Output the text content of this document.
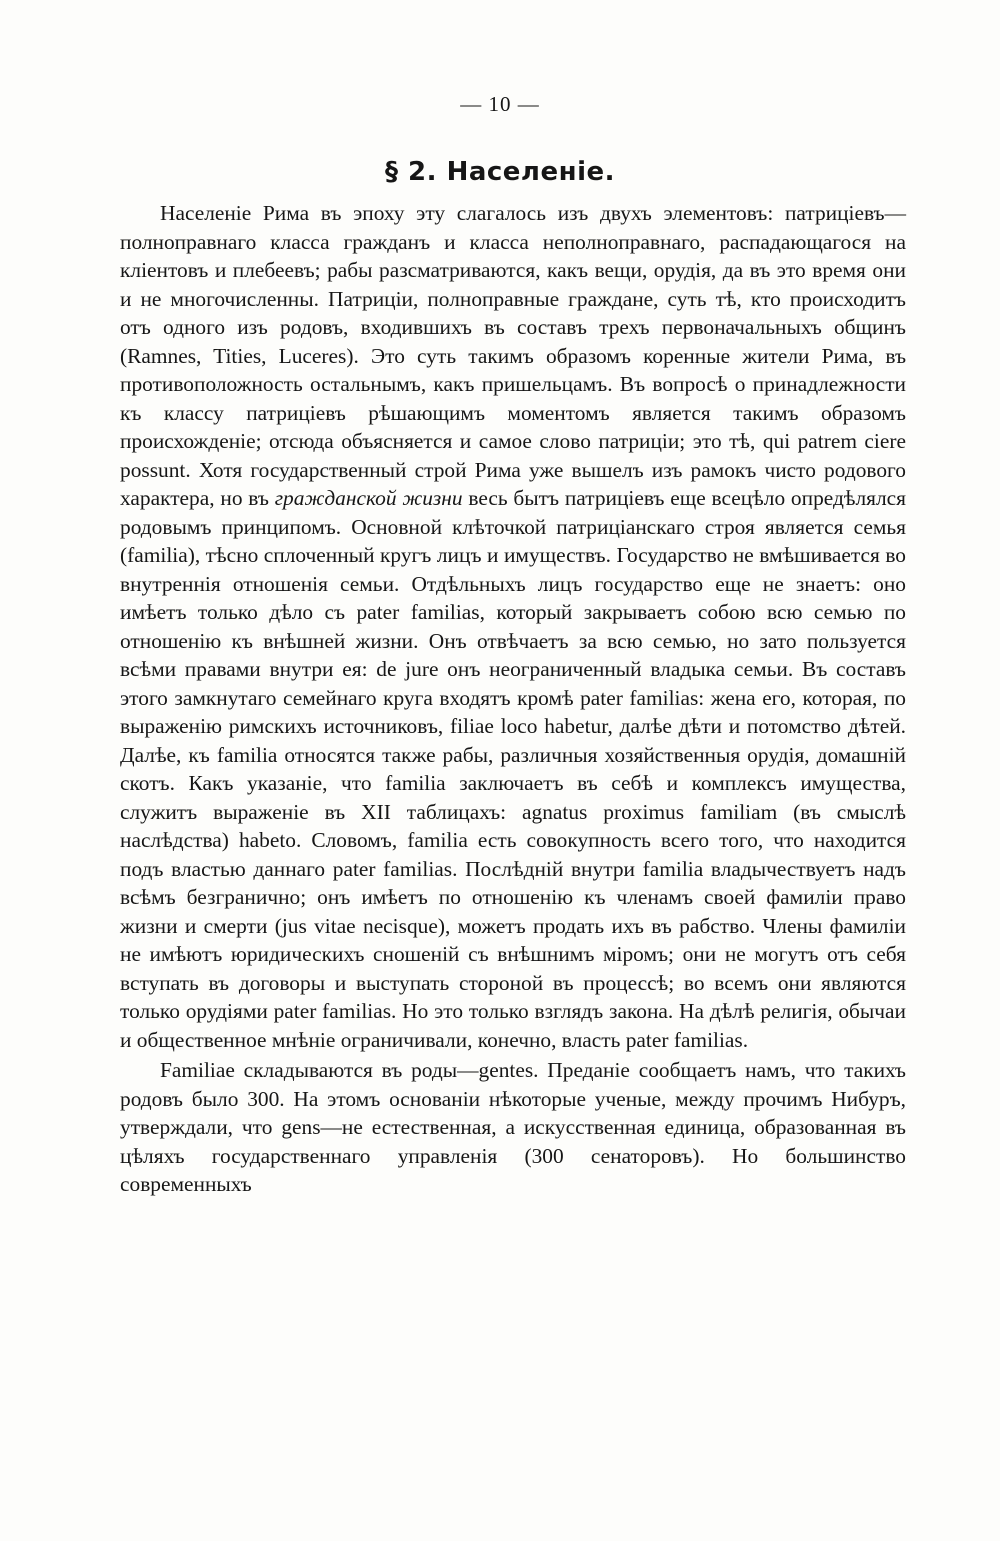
— 10 —
§ 2. Населеніе.

Населеніе Рима въ эпоху эту слагалось изъ двухъ элементовъ: патриціевъ—полноправнаго класса гражданъ и класса неполноправнаго, распадающагося на кліентовъ и плебеевъ; рабы разсматриваются, какъ вещи, орудія, да въ это время они и не многочисленны. Патриціи, полноправные граждане, суть тѣ, кто происходитъ отъ одного изъ родовъ, входившихъ въ составъ трехъ первоначальныхъ общинъ (Ramnes, Tities, Luceres). Это суть такимъ образомъ коренные жители Рима, въ противоположность остальнымъ, какъ пришельцамъ. Въ вопросѣ о принадлежности къ классу патриціевъ рѣшающимъ моментомъ является такимъ образомъ происхожденіе; отсюда объясняется и самое слово патриціи; это тѣ, qui patrem ciere possunt. Хотя государственный строй Рима уже вышелъ изъ рамокъ чисто родового характера, но въ гражданской жизни весь бытъ патриціевъ еще всецѣло опредѣлялся родовымъ принципомъ. Основной клѣточкой патриціанскаго строя является семья (familia), тѣсно сплоченный кругъ лицъ и имуществъ. Государство не вмѣшивается во внутреннія отношенія семьи. Отдѣльныхъ лицъ государство еще не знаетъ: оно имѣетъ только дѣло съ pater familias, который закрываетъ собою всю семью по отношенію къ внѣшней жизни. Онъ отвѣчаетъ за всю семью, но зато пользуется всѣми правами внутри ея: de jure онъ неограниченный владыка семьи. Въ составъ этого замкнутаго семейнаго круга входятъ кромѣ pater familias: жена его, которая, по выраженію римскихъ источниковъ, filiae loco habetur, далѣе дѣти и потомство дѣтей. Далѣе, къ familia относятся также рабы, различныя хозяйственныя орудія, домашній скотъ. Какъ указаніе, что familia заключаетъ въ себѣ и комплексъ имущества, служитъ выраженіе въ XII таблицахъ: agnatus proximus familiam (въ смыслѣ наслѣдства) habeto. Словомъ, familia есть совокупность всего того, что находится подъ властью даннаго pater familias. Послѣдній внутри familia владычествуетъ надъ всѣмъ безгранично; онъ имѣетъ по отношенію къ членамъ своей фамиліи право жизни и смерти (jus vitae necisque), можетъ продать ихъ въ рабство. Члены фамиліи не имѣютъ юридическихъ сношеній съ внѣшнимъ міромъ; они не могутъ отъ себя вступать въ договоры и выступать стороной въ процессѣ; во всемъ они являются только орудіями pater familias. Но это только взглядъ закона. На дѣлѣ религія, обычаи и общественное мнѣніе ограничивали, конечно, власть pater familias.

Familiae складываются въ роды—gentes. Преданіе сообщаетъ намъ, что такихъ родовъ было 300. На этомъ основаніи нѣкоторые ученые, между прочимъ Нибуръ, утверждали, что gens—не естественная, а искусственная единица, образованная въ цѣляхъ государственнаго управленія (300 сенаторовъ). Но большинство современныхъ
